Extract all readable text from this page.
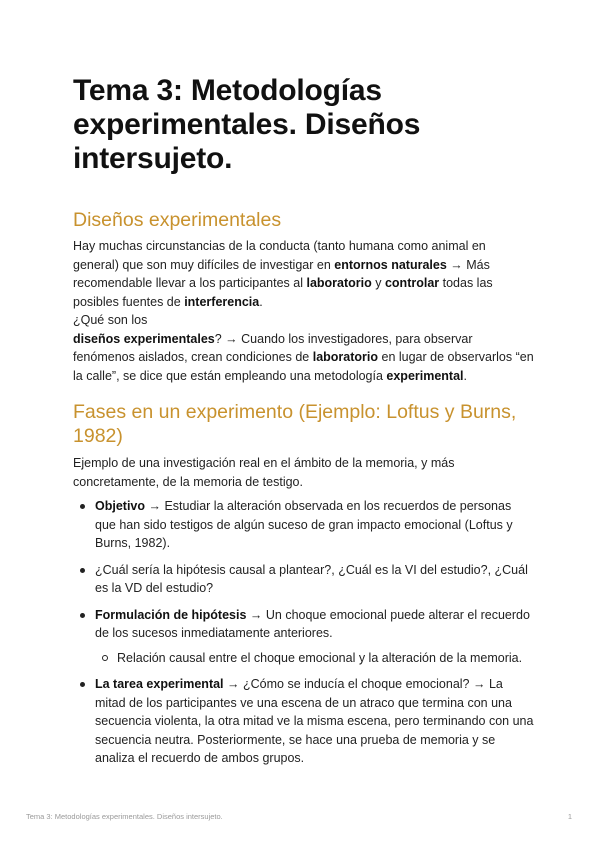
Tema 3: Metodologías experimentales. Diseños intersujeto.
Diseños experimentales

Hay muchas circunstancias de la conducta (tanto humana como animal en general) que son muy difíciles de investigar en entornos naturales → Más recomendable llevar a los participantes al laboratorio y controlar todas las posibles fuentes de interferencia.

¿Qué son los
diseños experimentales? → Cuando los investigadores, para observar fenómenos aislados, crean condiciones de laboratorio en lugar de observarlos “en la calle”, se dice que están empleando una metodología experimental.

Fases en un experimento (Ejemplo: Loftus y Burns, 1982)

Ejemplo de una investigación real en el ámbito de la memoria, y más concretamente, de la memoria de testigo.

Objetivo → Estudiar la alteración observada en los recuerdos de personas que han sido testigos de algún suceso de gran impacto emocional (Loftus y Burns, 1982).
¿Cuál sería la hipótesis causal a plantear?, ¿Cuál es la VI del estudio?, ¿Cuál es la VD del estudio?
Formulación de hipótesis → Un choque emocional puede alterar el recuerdo de los sucesos inmediatamente anteriores.
Relación causal entre el choque emocional y la alteración de la memoria.
La tarea experimental → ¿Cómo se inducía el choque emocional? → La mitad de los participantes ve una escena de un atraco que termina con una secuencia violenta, la otra mitad ve la misma escena, pero terminando con una secuencia neutra. Posteriormente, se hace una prueba de memoria y se analiza el recuerdo de ambos grupos.
Tema 3: Metodologías experimentales. Diseños intersujeto.	1
